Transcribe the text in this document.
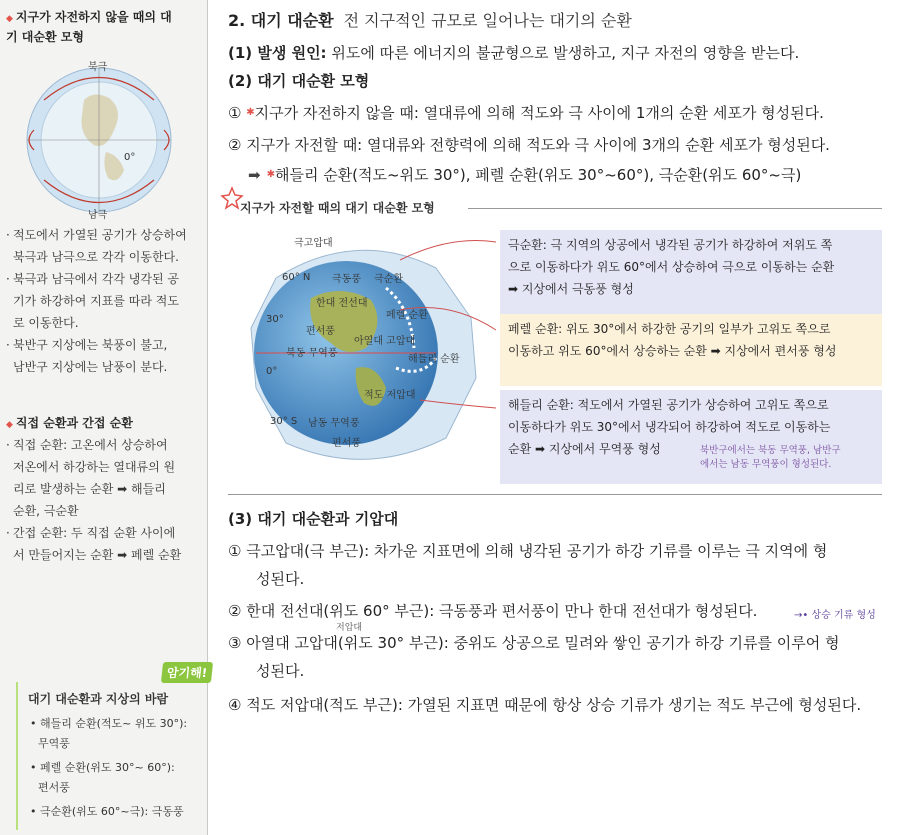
◆ 지구가 자전하지 않을 때의 대
기 대순환 모형
북극
남극
0°
· 적도에서 가열된 공기가 상승하여
북극과 남극으로 각각 이동한다.
· 북극과 남극에서 각각 냉각된 공
기가 하강하여 지표를 따라 적도
로 이동한다.
· 북반구 지상에는 북풍이 불고,
남반구 지상에는 남풍이 분다.
◆ 직접 순환과 간접 순환
· 직접 순환: 고온에서 상승하여
저온에서 하강하는 열대류의 원
리로 발생하는 순환 ➡ 해들리
순환, 극순환
· 간접 순환: 두 직접 순환 사이에
서 만들어지는 순환 ➡ 페렐 순환
암기해!
대기 대순환과 지상의 바람
• 해들리 순환(적도~ 위도 30°):
무역풍
• 페렐 순환(위도 30°~ 60°):
편서풍
• 극순환(위도 60°~극): 극동풍
2. 대기 대순환 전 지구적인 규모로 일어나는 대기의 순환
(1) 발생 원인: 위도에 따른 에너지의 불균형으로 발생하고, 지구 자전의 영향을 받는다.
(2) 대기 대순환 모형
① ✱지구가 자전하지 않을 때: 열대류에 의해 적도와 극 사이에 1개의 순환 세포가 형성된다.
② 지구가 자전할 때: 열대류와 전향력에 의해 적도와 극 사이에 3개의 순환 세포가 형성된다.
➡ ✱해들리 순환(적도~위도 30°), 페렐 순환(위도 30°~60°), 극순환(위도 60°~극)
지구가 자전할 때의 대기 대순환 모형
극고압대
60° N 극동풍 극순환
한대 전선대
30°
편서풍
페렐 순환
북동 무역풍
아열대 고압대
0°
해들리 순환
적도 저압대
30° S 남동 무역풍
편서풍
극순환: 극 지역의 상공에서 냉각된 공기가 하강하여 저위도 쪽
으로 이동하다가 위도 60°에서 상승하여 극으로 이동하는 순환
➡ 지상에서 극동풍 형성
페렐 순환: 위도 30°에서 하강한 공기의 일부가 고위도 쪽으로
이동하고 위도 60°에서 상승하는 순환 ➡ 지상에서 편서풍 형성
해들리 순환: 적도에서 가열된 공기가 상승하여 고위도 쪽으로
이동하다가 위도 30°에서 냉각되어 하강하여 적도로 이동하는
순환 ➡ 지상에서 무역풍 형성	북반구에서는 북동 무역풍, 남반구
에서는 남동 무역풍이 형성된다.
(3) 대기 대순환과 기압대
① 극고압대(극 부근): 차가운 지표면에 의해 냉각된 공기가 하강 기류를 이루는 극 지역에 형
성된다.
② 한대 전선대(위도 60° 부근): 극동풍과 편서풍이 만나 한대 전선대가 형성된다.	→• 상승 기류 형성
저압대
③ 아열대 고압대(위도 30° 부근): 중위도 상공으로 밀려와 쌓인 공기가 하강 기류를 이루어 형
성된다.
④ 적도 저압대(적도 부근): 가열된 지표면 때문에 항상 상승 기류가 생기는 적도 부근에 형성된다.
